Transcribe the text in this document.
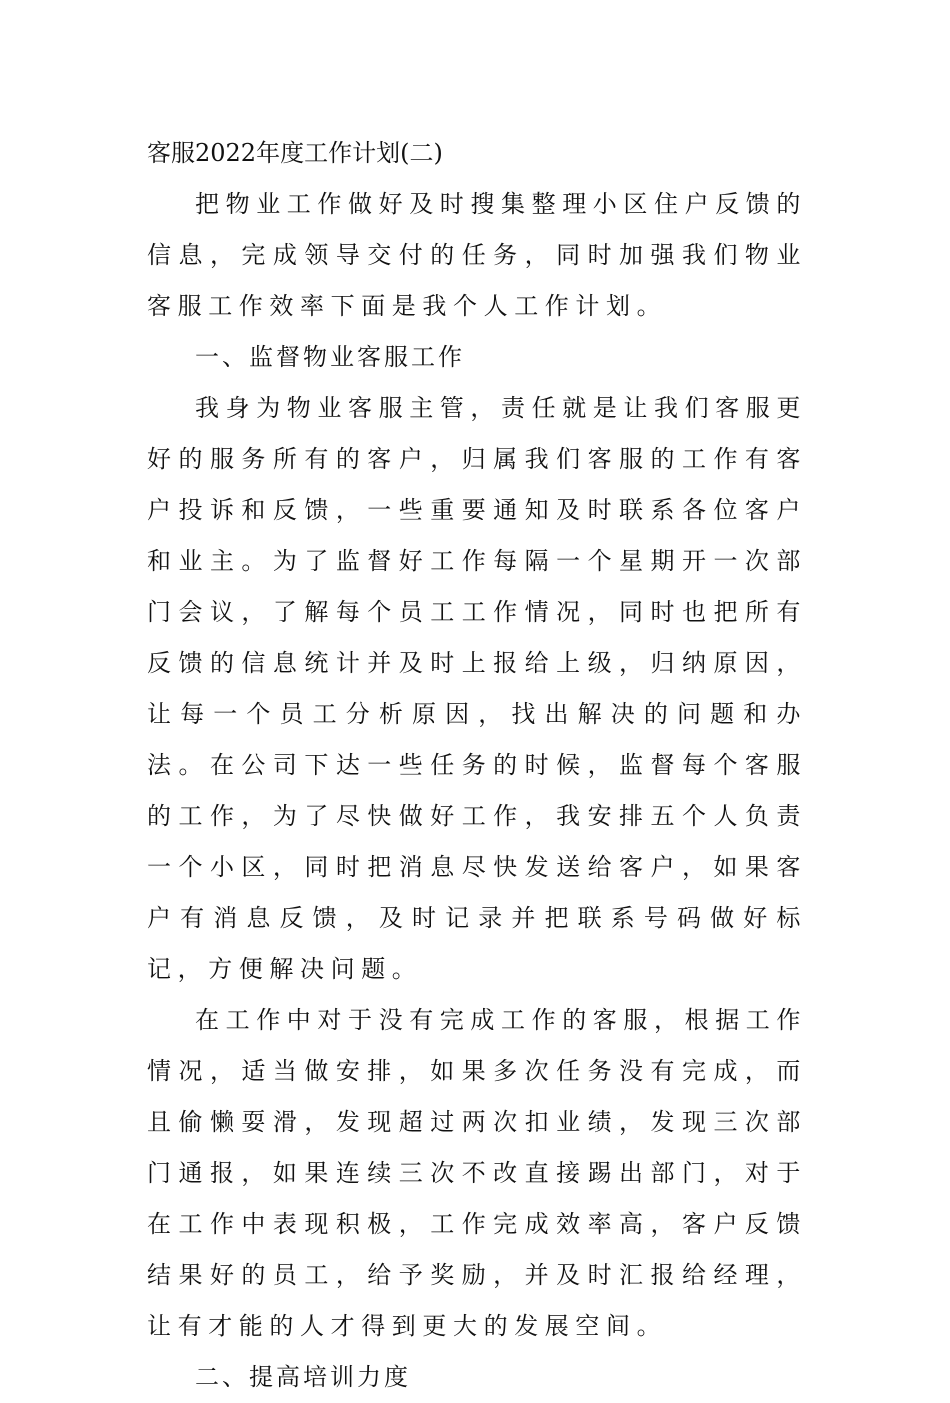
客服2022年度工作计划(二)

把物业工作做好及时搜集整理小区住户反馈的信息，完成领导交付的任务，同时加强我们物业客服工作效率下面是我个人工作计划。

一、监督物业客服工作

我身为物业客服主管，责任就是让我们客服更好的服务所有的客户，归属我们客服的工作有客户投诉和反馈，一些重要通知及时联系各位客户和业主。为了监督好工作每隔一个星期开一次部门会议，了解每个员工工作情况，同时也把所有反馈的信息统计并及时上报给上级，归纳原因，让每一个员工分析原因，找出解决的问题和办法。在公司下达一些任务的时候，监督每个客服的工作，为了尽快做好工作，我安排五个人负责一个小区，同时把消息尽快发送给客户，如果客户有消息反馈，及时记录并把联系号码做好标记，方便解决问题。

在工作中对于没有完成工作的客服，根据工作情况，适当做安排，如果多次任务没有完成，而且偷懒耍滑，发现超过两次扣业绩，发现三次部门通报，如果连续三次不改直接踢出部门，对于在工作中表现积极，工作完成效率高，客户反馈结果好的员工，给予奖励，并及时汇报给经理，让有才能的人才得到更大的发展空间。

二、提高培训力度
